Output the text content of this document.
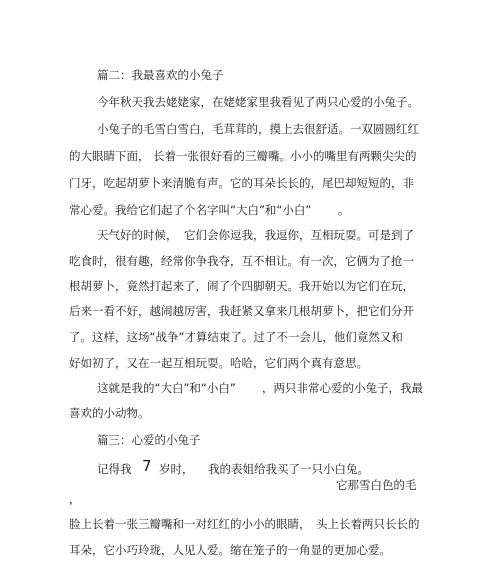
篇二：我最喜欢的小兔子
今年秋天我去姥姥家，在姥姥家里我看见了两只心爱的小兔子。
小兔子的毛雪白雪白，毛茸茸的，摸上去很舒适。一双圆圆红红
的大眼睛下面， 长着一张很好看的三瓣嘴。 小小的嘴里有两颗尖尖的
门牙，吃起胡萝卜来清脆有声。它的耳朵长长的，尾巴却短短的，非
常心爱。我给它们起了个名字叫“大白”和“小白” 。
天气好的时候， 它们会你逗我，我逗你，互相玩耍。可是到了
吃食时，很有趣，经常你争我夺，互不相让。有一次，它俩为了抢一
根胡萝卜，竟然打起来了，闹了个四脚朝天。我开始以为它们在玩，
后来一看不好，越闹越厉害，我赶紧又拿来几根胡萝卜，把它们分开
了。这样，这场“战争”才算结束了。过了不一会儿，他们竟然又和
好如初了，又在一起互相玩耍。哈哈，它们两个真有意思。
这就是我的“大白”和“小白” ，两只非常心爱的小兔子，我最
喜欢的小动物。
篇三：心爱的小兔子
记得我 7 岁时， 我的表姐给我买了一只小白兔。
它那雪白色的毛
，
脸上长着一张三瓣嘴和一对红红的小小的眼睛， 头上长着两只长长的
耳朵，它小巧玲珑，人见人爱。缩在笼子的一角显的更加心爱。
